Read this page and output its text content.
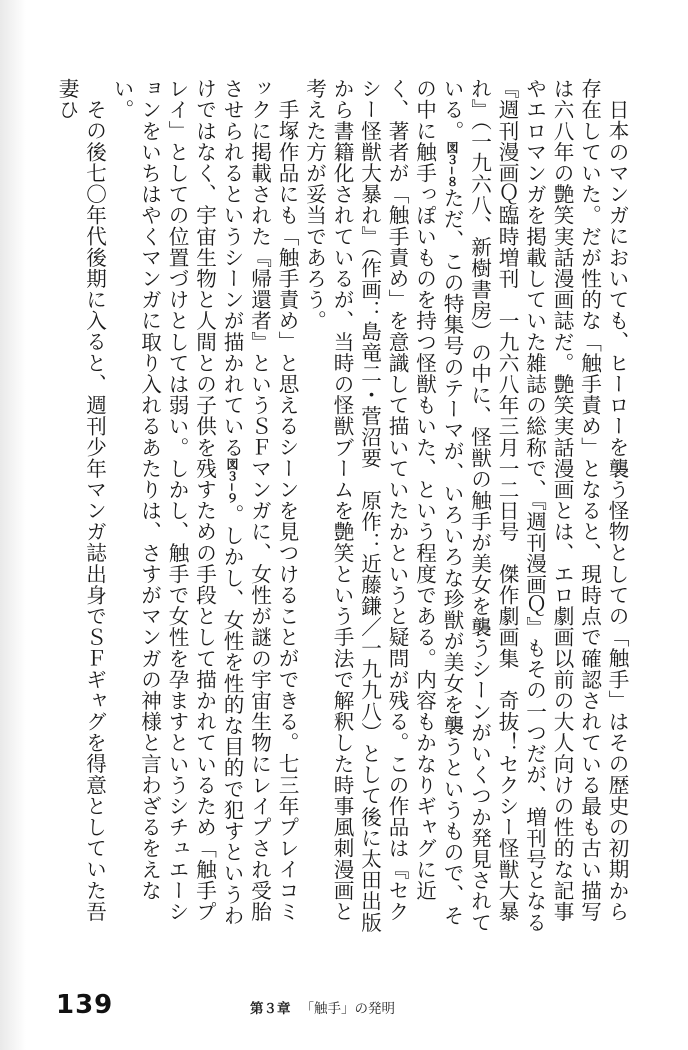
日本のマンガにおいても、ヒーローを襲う怪物としての「触手」はその歴史の初期から存在していた。だが性的な「触手責め」となると、現時点で確認されている最も古い描写は六八年の艶笑実話漫画誌だ。艶笑実話漫画とは、エロ劇画以前の大人向けの性的な記事やエロマンガを掲載していた雑誌の総称で、『週刊漫画Ｑ』もその一つだが、増刊号となる『週刊漫画Ｑ臨時増刊　一九六八年三月一二日号　傑作劇画集　奇抜！セクシー怪獣大暴れ』（一九六八、新樹書房）の中に、怪獣の触手が美女を襲うシーンがいくつか発見されている。図３−８ただ、この特集号のテーマが、いろいろな珍獣が美女を襲うというもので、その中に触手っぽいものを持つ怪獣もいた、という程度である。内容もかなりギャグに近く、著者が「触手責め」を意識して描いていたかというと疑問が残る。この作品は『セクシー怪獣大暴れ』（作画：島竜二・菅沼要　原作：近藤鎌／一九九八）として後に太田出版から書籍化されているが、当時の怪獣ブームを艶笑という手法で解釈した時事風刺漫画と考えた方が妥当であろう。

手塚作品にも「触手責め」と思えるシーンを見つけることができる。七三年プレイコミックに掲載された『帰還者』というＳＦマンガに、女性が謎の宇宙生物にレイプされ受胎させられるというシーンが描かれている図３−９。しかし、女性を性的な目的で犯すというわけではなく、宇宙生物と人間との子供を残すための手段として描かれているため「触手プレイ」としての位置づけとしては弱い。しかし、触手で女性を孕ますというシチュエーションをいちはやくマンガに取り入れるあたりは、さすがマンガの神様と言わざるをえない。

その後七〇年代後期に入ると、週刊少年マンガ誌出身でＳＦギャグを得意としていた吾妻ひ

139	第３章 「触手」の発明
